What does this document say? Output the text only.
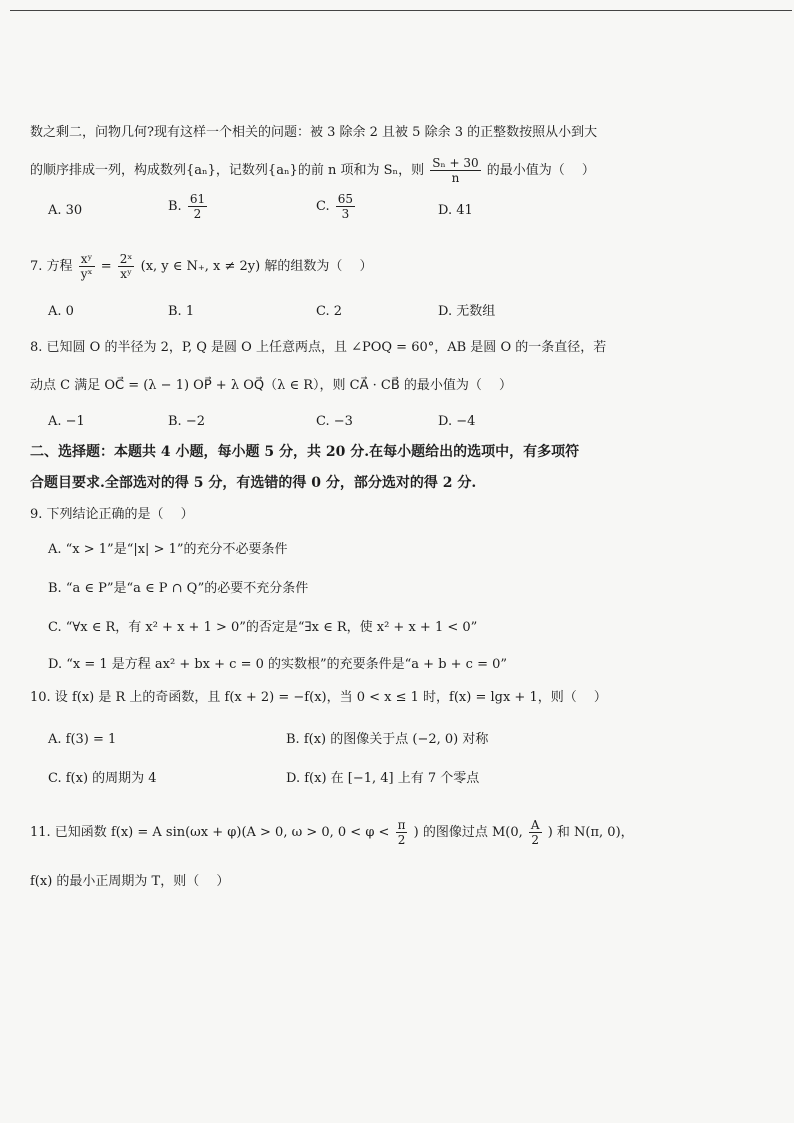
数之剩二，问物几何?现有这样一个相关的问题：被 3 除余 2 且被 5 除余 3 的正整数按照从小到大
的顺序排成一列，构成数列{aₙ}，记数列{aₙ}的前 n 项和为 Sₙ，则 $\frac{\text{Sₙ + 30}}{n}$ 的最小值为（　 ）
A. 30	B. $\frac{61}{2}$	C. $\frac{65}{3}$	D. 41
7. 方程 $\frac{\text{xʸ}}{\text{yˣ}} = \frac{\text{2ˣ}}{\text{xʸ}} (x$, y ∈ N₊, x ≠ 2y) 解的组数为（　 ）
A. 0	B. 1	C. 2	D. 无数组
8. 已知圆 O 的半径为 2，P, Q 是圆 O 上任意两点，且 ∠POQ = 60°，AB 是圆 O 的一条直径，若
动点 C 满足 OC⃗ = (λ − 1) OP⃗ + λ OQ⃗（λ ∈ R），则 CA⃗ · CB⃗ 的最小值为（　 ）
A. −1	B. −2	C. −3	D. −4
二、选择题：本题共 4 小题，每小题 5 分，共 20 分.在每小题给出的选项中，有多项符
合题目要求.全部选对的得 5 分，有选错的得 0 分，部分选对的得 2 分.
9. 下列结论正确的是（　 ）
A. “x > 1”是“|x| > 1”的充分不必要条件
B. “a ∈ P”是“a ∈ P ∩ Q”的必要不充分条件
C. “∀x ∈ R，有 x² + x + 1 > 0”的否定是“∃x ∈ R，使 x² + x + 1 < 0”
D. “x = 1 是方程 ax² + bx + c = 0 的实数根”的充要条件是“a + b + c = 0”
10. 设 f(x) 是 R 上的奇函数，且 f(x + 2) = −f(x)，当 0 < x ≤ 1 时，f(x) = lgx + 1，则（　 ）
A. f(3) = 1	B. f(x) 的图像关于点 (−2, 0) 对称
C. f(x) 的周期为 4	D. f(x) 在 [−1, 4] 上有 7 个零点
11. 已知函数 f(x) = A sin(ωx + φ)(A > 0, ω > 0, $0 < \varphi < \frac{\pi}{2}$ ) 的图像过点 M(0, $\frac{A}{2}$ ) 和 N(π, 0)，
f(x) 的最小正周期为 T，则（　 ）
